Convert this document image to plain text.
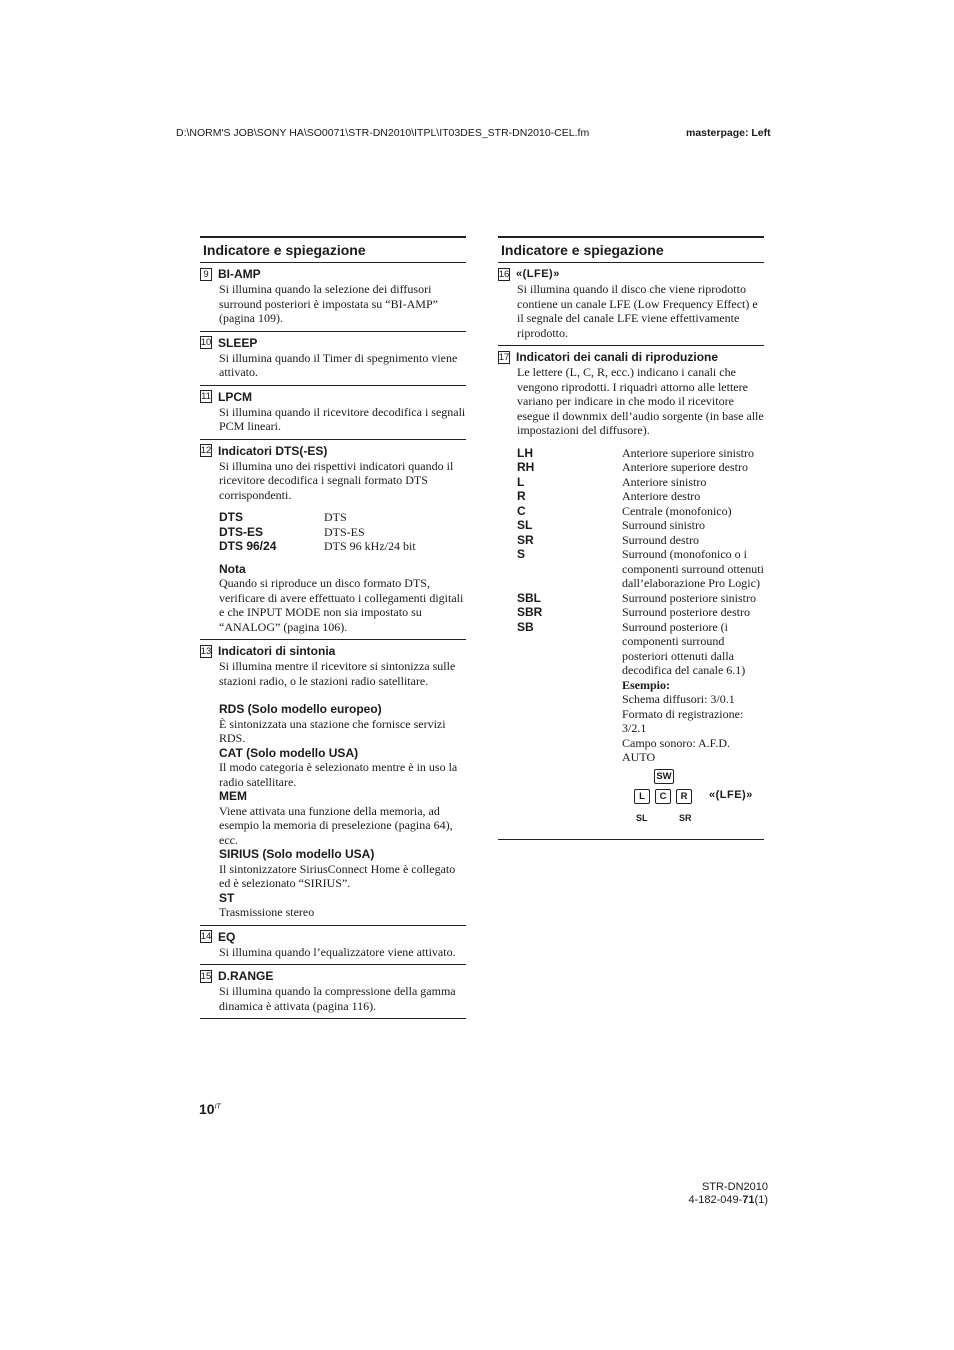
D:\NORM'S JOB\SONY HA\SO0071\STR-DN2010\ITPL\IT03DES_STR-DN2010-CEL.fm	masterpage: Left
Indicatore e spiegazione
9 BI-AMP
Si illumina quando la selezione dei diffusori surround posteriori è impostata su “BI-AMP” (pagina 109).
10 SLEEP
Si illumina quando il Timer di spegnimento viene attivato.
11 LPCM
Si illumina quando il ricevitore decodifica i segnali PCM lineari.
12 Indicatori DTS(-ES)
Si illumina uno dei rispettivi indicatori quando il ricevitore decodifica i segnali formato DTS corrispondenti.
DTS	DTS
DTS-ES	DTS-ES
DTS 96/24	DTS 96 kHz/24 bit
Nota
Quando si riproduce un disco formato DTS, verificare di avere effettuato i collegamenti digitali e che INPUT MODE non sia impostato su “ANALOG” (pagina 106).
13 Indicatori di sintonia
Si illumina mentre il ricevitore si sintonizza sulle stazioni radio, o le stazioni radio satellitare.
RDS (Solo modello europeo)
È sintonizzata una stazione che fornisce servizi RDS.
CAT (Solo modello USA)
Il modo categoria è selezionato mentre è in uso la radio satellitare.
MEM
Viene attivata una funzione della memoria, ad esempio la memoria di preselezione (pagina 64), ecc.
SIRIUS (Solo modello USA)
Il sintonizzatore SiriusConnect Home è collegato ed è selezionato “SIRIUS”.
ST
Trasmissione stereo
14 EQ
Si illumina quando l’equalizzatore viene attivato.
15 D.RANGE
Si illumina quando la compressione della gamma dinamica è attivata (pagina 116).
Indicatore e spiegazione
16 «(LFE)»
Si illumina quando il disco che viene riprodotto contiene un canale LFE (Low Frequency Effect) e il segnale del canale LFE viene effettivamente riprodotto.
17 Indicatori dei canali di riproduzione
Le lettere (L, C, R, ecc.) indicano i canali che vengono riprodotti. I riquadri attorno alle lettere variano per indicare in che modo il ricevitore esegue il downmix dell’audio sorgente (in base alle impostazioni del diffusore).
LH	Anteriore superiore sinistro
RH	Anteriore superiore destro
L	Anteriore sinistro
R	Anteriore destro
C	Centrale (monofonico)
SL	Surround sinistro
SR	Surround destro
S	Surround (monofonico o i componenti surround ottenuti dall’elaborazione Pro Logic)
SBL	Surround posteriore sinistro
SBR	Surround posteriore destro
SB	Surround posteriore (i componenti surround posteriori ottenuti dalla decodifica del canale 6.1)
Esempio:
Schema diffusori: 3/0.1
Formato di registrazione: 3/2.1
Campo sonoro: A.F.D. AUTO
SW
L	C	R	«(LFE)»
SL	SR
$10^{IT}$
STR-DN2010
4-182-049-71(1)
